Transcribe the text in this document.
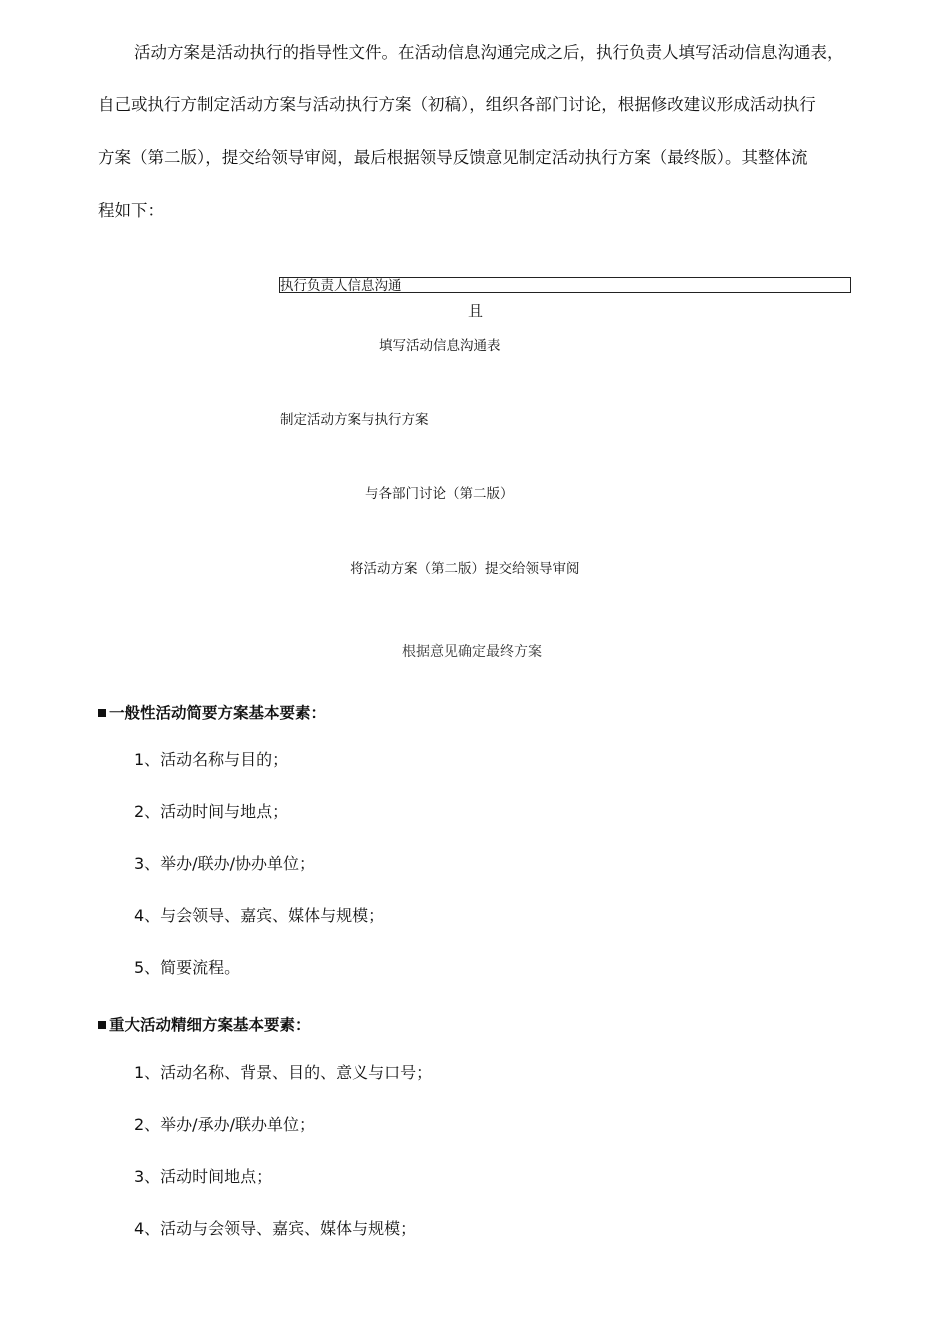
活动方案是活动执行的指导性文件。在活动信息沟通完成之后，执行负责人填写活动信息沟通表，
自己或执行方制定活动方案与活动执行方案（初稿），组织各部门讨论，根据修改建议形成活动执行
方案（第二版），提交给领导审阅，最后根据领导反馈意见制定活动执行方案（最终版）。其整体流
程如下：
执行负责人信息沟通
且
填写活动信息沟通表
制定活动方案与执行方案
与各部门讨论（第二版）
将活动方案（第二版）提交给领导审阅
根据意见确定最终方案
一般性活动简要方案基本要素：
1、活动名称与目的；
2、活动时间与地点；
3、举办/联办/协办单位；
4、与会领导、嘉宾、媒体与规模；
5、简要流程。
重大活动精细方案基本要素：
1、活动名称、背景、目的、意义与口号；
2、举办/承办/联办单位；
3、活动时间地点；
4、活动与会领导、嘉宾、媒体与规模；
